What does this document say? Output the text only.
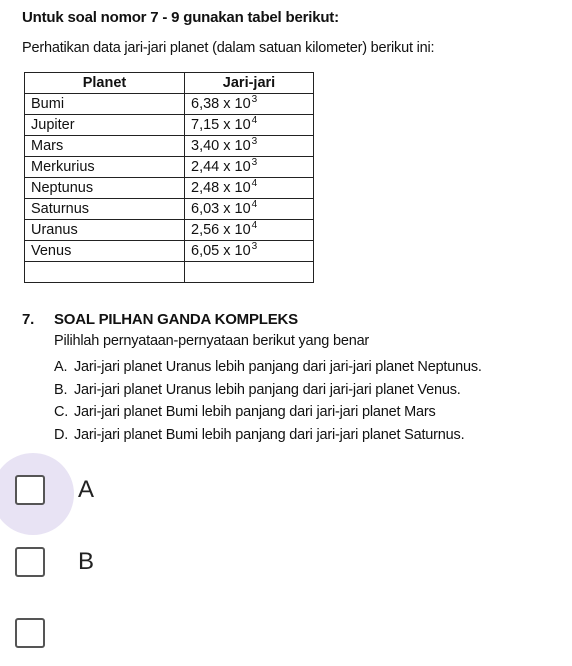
Untuk soal nomor 7 - 9 gunakan tabel berikut:
Perhatikan data jari-jari planet (dalam satuan kilometer) berikut ini:
Planet	Jari-jari
Bumi	6,38 x $10^3$
Jupiter	7,15 x $10^4$
Mars	3,40 x $10^3$
Merkurius	2,44 x $10^3$
Neptunus	2,48 x $10^4$
Saturnus	6,03 x $10^4$
Uranus	2,56 x $10^4$
Venus	6,05 x $10^3$

7. SOAL PILHAN GANDA KOMPLEKS
Pilihlah pernyataan-pernyataan berikut yang benar
A. Jari-jari planet Uranus lebih panjang dari jari-jari planet Neptunus.
B. Jari-jari planet Uranus lebih panjang dari jari-jari planet Venus.
C. Jari-jari planet Bumi lebih panjang dari jari-jari planet Mars
D. Jari-jari planet Bumi lebih panjang dari jari-jari planet Saturnus.
A
B
